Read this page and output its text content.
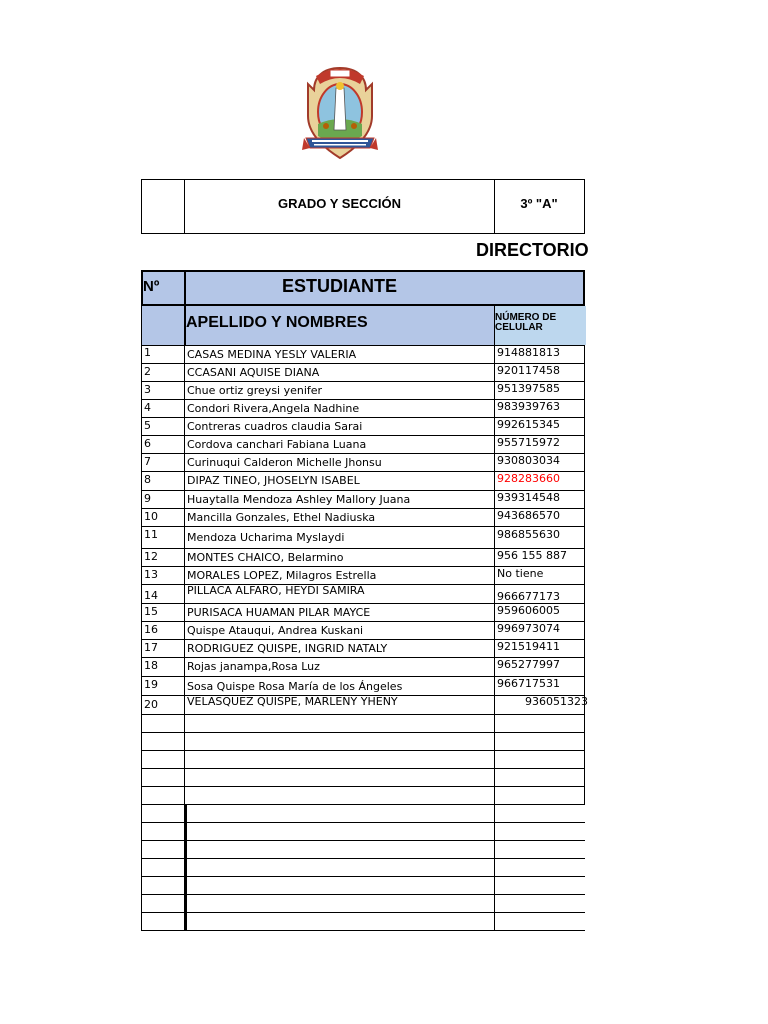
GRADO Y SECCIÓN	3º "A"
DIRECTORIO
Nº	ESTUDIANTE
APELLIDO Y NOMBRES	NÚMERO DE CELULAR
1	CASAS MEDINA YESLY VALERIA	914881813
2	CCASANI AQUISE DIANA	920117458
3	Chue ortiz greysi yenifer	951397585
4	Condori Rivera,Angela Nadhine	983939763
5	Contreras cuadros claudia Sarai	992615345
6	Cordova canchari Fabiana Luana	955715972
7	Curinuqui Calderon Michelle Jhonsu	930803034
8	DIPAZ TINEO, JHOSELYN ISABEL	928283660
9	Huaytalla Mendoza Ashley Mallory Juana	939314548
10	Mancilla Gonzales, Ethel Nadiuska	943686570
11	Mendoza Ucharima Myslaydi	986855630
12	MONTES CHAICO, Belarmino	956 155 887
13	MORALES LOPEZ, Milagros Estrella	No tiene
14	PILLACA ALFARO, HEYDI SAMIRA	966677173
15	PURISACA HUAMAN PILAR MAYCE	959606005
16	Quispe Atauqui, Andrea Kuskani	996973074
17	RODRIGUEZ QUISPE, INGRID NATALY	921519411
18	Rojas janampa,Rosa Luz	965277997
19	Sosa Quispe Rosa María de los Ángeles	966717531
20	VELASQUEZ QUISPE, MARLENY YHENY	936051323
